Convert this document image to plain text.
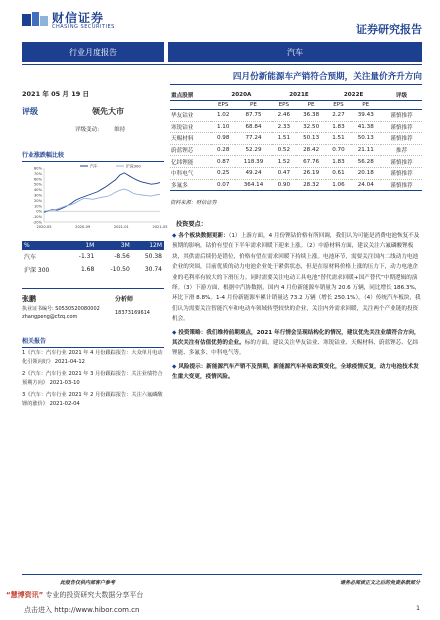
财信证券
CHASING SECURITIES	证券研究报告
行业月度报告	汽车
2021 年 05 月 19 日
评级	领先大市
评级变动： 维持
行业涨跌幅比较
80%
70%
60%
50%
40%
30%
20%
10%
0%
-10%
-20%
2020-05	2020-09	2021-01	2021-05
汽车	沪深300
%	1M	3M	12M
汽车	-1.31	-8.56	50.38
沪深 300	1.68	-10.50	30.74
张鹏	分析师
执业证书编号: S0530520080002
zhangpeng@cfzq.com
18373169614
相关报告
1《汽车：汽车行业 2021 年 4 月份跟踪报告：大众单月电动化引领向好》 2021-04-12
2《汽车：汽车行业 2021 年 3 月份跟踪报告：关注业绩符合预期方向》 2021-03-10
3《汽车：汽车行业 2021 年 2 月份跟踪报告：关注六氟磷酸锂的涨价》 2021-02-04
四月份新能源车产销符合预期，关注量价齐升方向
重点股票	2020A		2021E		2022E		评级
	EPS	PE	EPS	PE	EPS	PE	
华友钴业	1.02	87.75	2.46	36.38	2.27	39.43	谨慎推荐
寒锐钴业	1.10	68.84	2.33	32.50	1.83	41.38	谨慎推荐
天赐材料	0.98	77.24	1.51	50.13	1.51	50.13	谨慎推荐
蔚蓝锂芯	0.28	52.29	0.52	28.42	0.70	21.11	推荐
亿纬锂能	0.87	118.39	1.52	67.76	1.83	56.28	谨慎推荐
中科电气	0.25	49.24	0.47	26.19	0.61	20.18	谨慎推荐
多氟多	0.07	364.14	0.90	28.32	1.06	24.04	谨慎推荐
资料来源：财信证券
投资要点：

◆ 各个板块数据更新：（1）上游方面，4 月份锂钴价格有所回调，我们认为可能是消费电池恢复不及预期的影响，钴价有望在下半年需求回暖下迎来上涨。（2）中游材料方面，建议关注六氟磷酸锂板块，其供需后续仍是错位，价格有望在需求回暖下持续上涨。电池环节，需要关注国内二线动力电池企业的突围，目前优质的动力电池企业处于紧供状态，但是在原材料价格上涨的压力下，动力电池企业的毛利率有较大的下滑压力。同时需要关注电动工具电池“替代需求回暖+国产替代”中期逻辑的演绎。（3）下游方面，根据中汽协数据，国内 4 月份新能源车销量为 20.6 万辆，同比增长 186.3%，环比下滑 8.8%。1-4 月份新能源车累计销量达 73.2 万辆（增长 250.1%）。（4）传统汽车板块，我们认为需要关注智能汽车和电动车领域转型较快的企业，关注内外需求回暖，关注两个产业链的投资机会。

◆ 投资策略：我们维持前期观点，2021 年行情会呈现结构化的情况，建议优先关注业绩符合方向，其次关注有估值优势的企业。标的方面，建议关注华友钴业、寒锐钴业、天赐材料、蔚蓝锂芯、亿纬锂能、多氟多、中科电气等。

◆ 风险提示：新能源汽车产销不及预期，新能源汽车补贴政策变化，全球疫情反复，动力电池技术发生重大变更，疫情风险。

此报告仅供内部客户参考	请务必阅读正文之后的免责条款部分
“慧博资讯” 专业的投资研究大数据分享平台
点击进入 http://www.hibor.com.cn	1
